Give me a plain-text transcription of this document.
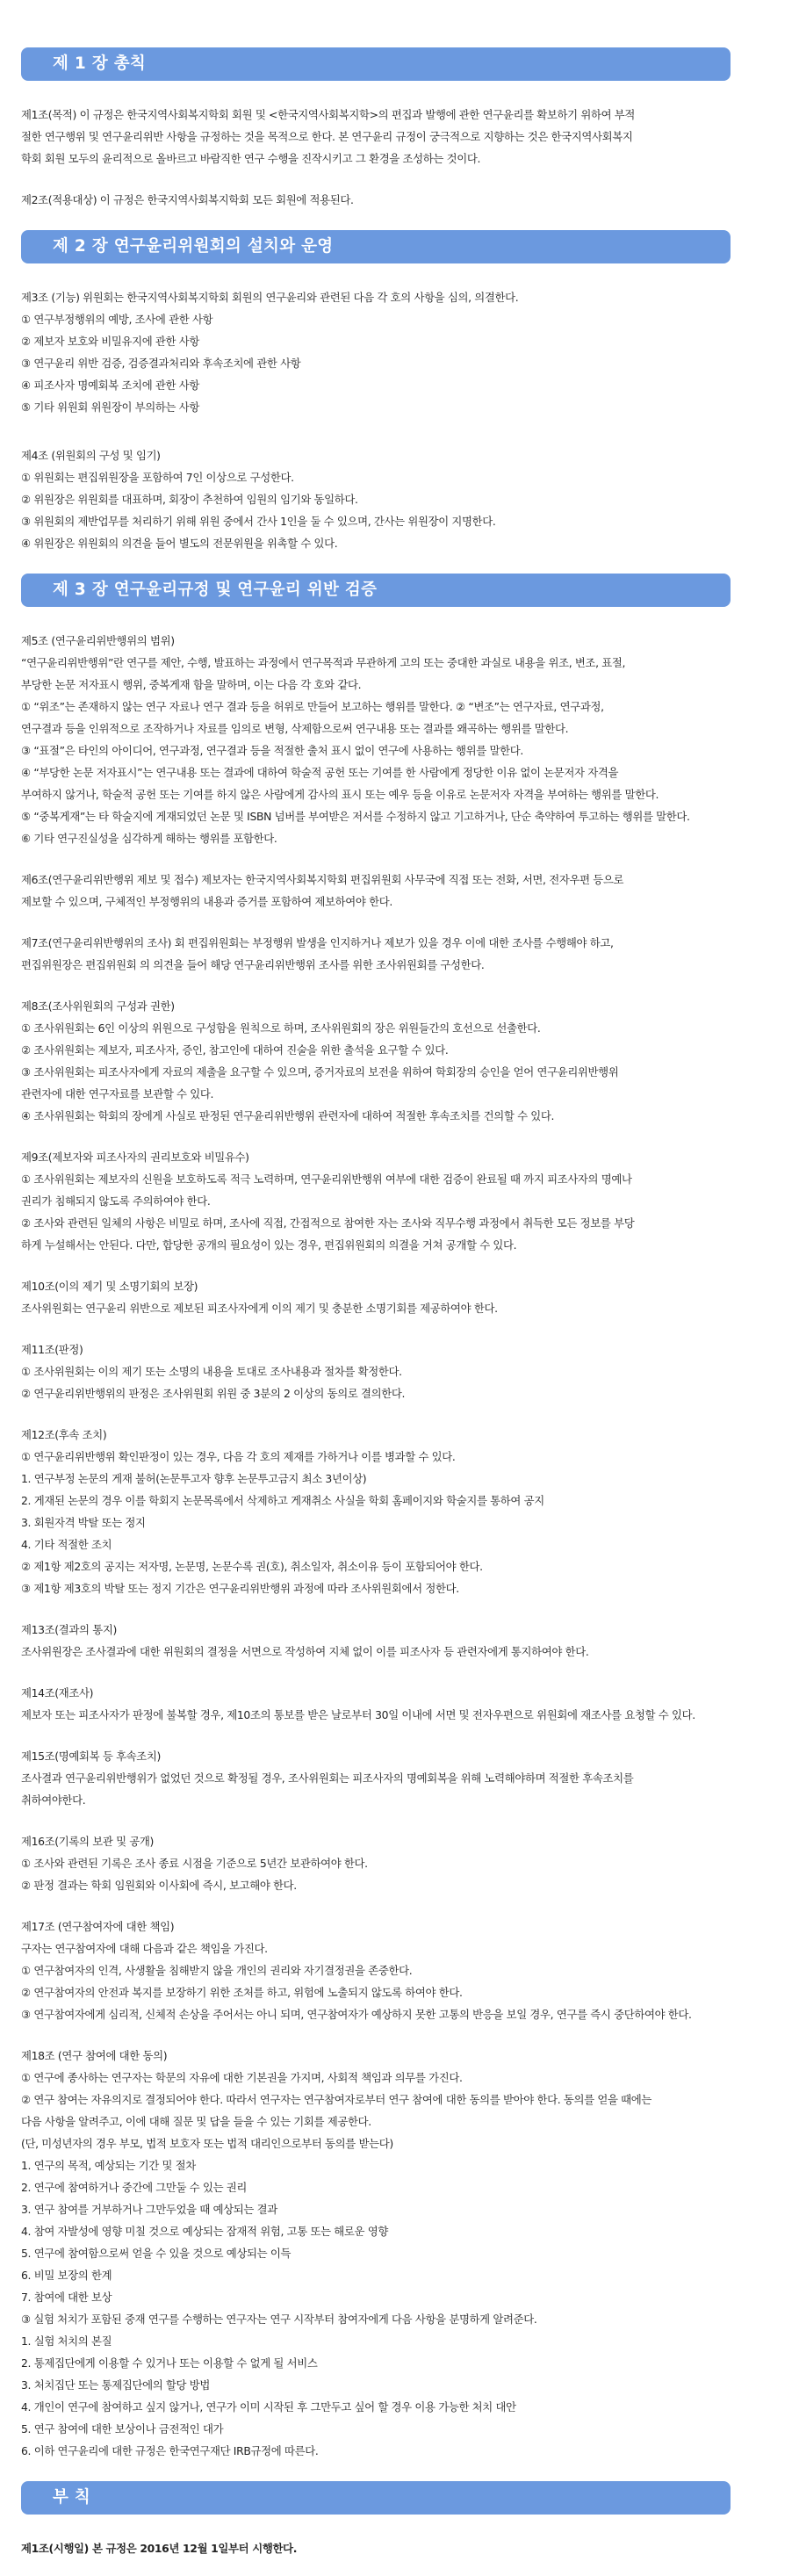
제 1 장 총칙
제1조(목적) 이 규정은 한국지역사회복지학회 회원 및 <한국지역사회복지학>의 편집과 발행에 관한 연구윤리를 확보하기 위하여 부적
절한 연구행위 및 연구윤리위반 사항을 규정하는 것을 목적으로 한다. 본 연구윤리 규정이 궁극적으로 지향하는 것은 한국지역사회복지
학회 회원 모두의 윤리적으로 올바르고 바람직한 연구 수행을 진작시키고 그 환경을 조성하는 것이다.
제2조(적용대상) 이 규정은 한국지역사회복지학회 모든 회원에 적용된다.
제 2 장 연구윤리위원회의 설치와 운영
제3조 (기능) 위원회는 한국지역사회복지학회 회원의 연구윤리와 관련된 다음 각 호의 사항을 심의, 의결한다.
① 연구부정행위의 예방, 조사에 관한 사항
② 제보자 보호와 비밀유지에 관한 사항
③ 연구윤리 위반 검증, 검증결과처리와 후속조치에 관한 사항
④ 피조사자 명예회복 조치에 관한 사항
⑤ 기타 위원회 위원장이 부의하는 사항
제4조 (위원회의 구성 및 임기)
① 위원회는 편집위원장을 포함하여 7인 이상으로 구성한다.
② 위원장은 위원회를 대표하며, 회장이 추천하여 임원의 임기와 동일하다.
③ 위원회의 제반업무를 처리하기 위해 위원 중에서 간사 1인을 둘 수 있으며, 간사는 위원장이 지명한다.
④ 위원장은 위원회의 의견을 들어 별도의 전문위원을 위촉할 수 있다.
제 3 장 연구윤리규정 및 연구윤리 위반 검증
제5조 (연구윤리위반행위의 범위)
“연구윤리위반행위”란 연구를 제안, 수행, 발표하는 과정에서 연구목적과 무관하게 고의 또는 중대한 과실로 내용을 위조, 변조, 표절,
부당한 논문 저자표시 행위, 중복게재 함을 말하며, 이는 다음 각 호와 같다.
① “위조”는 존재하지 않는 연구 자료나 연구 결과 등을 허위로 만들어 보고하는 행위를 말한다. ② “변조”는 연구자료, 연구과정,
연구결과 등을 인위적으로 조작하거나 자료를 임의로 변형, 삭제함으로써 연구내용 또는 결과를 왜곡하는 행위를 말한다.
③ “표절”은 타인의 아이디어, 연구과정, 연구결과 등을 적절한 출처 표시 없이 연구에 사용하는 행위를 말한다.
④ “부당한 논문 저자표시”는 연구내용 또는 결과에 대하여 학술적 공헌 또는 기여를 한 사람에게 정당한 이유 없이 논문저자 자격을
부여하지 않거나, 학술적 공헌 또는 기여를 하지 않은 사람에게 감사의 표시 또는 예우 등을 이유로 논문저자 자격을 부여하는 행위를 말한다.
⑤ “중복게재”는 타 학술지에 게재되었던 논문 및 ISBN 넘버를 부여받은 저서를 수정하지 않고 기고하거나, 단순 축약하여 투고하는 행위를 말한다.
⑥ 기타 연구진실성을 심각하게 해하는 행위를 포함한다.
제6조(연구윤리위반행위 제보 및 접수) 제보자는 한국지역사회복지학회 편집위원회 사무국에 직접 또는 전화, 서면, 전자우편 등으로
제보할 수 있으며, 구체적인 부정행위의 내용과 증거를 포함하여 제보하여야 한다.
제7조(연구윤리위반행위의 조사) 회 편집위원회는 부정행위 발생을 인지하거나 제보가 있을 경우 이에 대한 조사를 수행해야 하고,
편집위원장은 편집위원회 의 의견을 들어 해당 연구윤리위반행위 조사를 위한 조사위원회를 구성한다.
제8조(조사위원회의 구성과 권한)
① 조사위원회는 6인 이상의 위원으로 구성함을 원칙으로 하며, 조사위원회의 장은 위원들간의 호선으로 선출한다.
② 조사위원회는 제보자, 피조사자, 증인, 참고인에 대하여 진술을 위한 출석을 요구할 수 있다.
③ 조사위원회는 피조사자에게 자료의 제출을 요구할 수 있으며, 증거자료의 보전을 위하여 학회장의 승인을 얻어 연구윤리위반행위
관련자에 대한 연구자료를 보관할 수 있다.
④ 조사위원회는 학회의 장에게 사실로 판정된 연구윤리위반행위 관련자에 대하여 적절한 후속조치를 건의할 수 있다.
제9조(제보자와 피조사자의 권리보호와 비밀유수)
① 조사위원회는 제보자의 신원을 보호하도록 적극 노력하며, 연구윤리위반행위 여부에 대한 검증이 완료될 때 까지 피조사자의 명예나
권리가 침해되지 않도록 주의하여야 한다.
② 조사와 관련된 일체의 사항은 비밀로 하며, 조사에 직접, 간접적으로 참여한 자는 조사와 직무수행 과정에서 취득한 모든 정보를 부당
하게 누설해서는 안된다. 다만, 합당한 공개의 필요성이 있는 경우, 편집위원회의 의결을 거쳐 공개할 수 있다.
제10조(이의 제기 및 소명기회의 보장)
조사위원회는 연구윤리 위반으로 제보된 피조사자에게 이의 제기 및 충분한 소명기회를 제공하여야 한다.
제11조(판정)
① 조사위원회는 이의 제기 또는 소명의 내용을 토대로 조사내용과 절차를 확정한다.
② 연구윤리위반행위의 판정은 조사위원회 위원 중 3분의 2 이상의 동의로 결의한다.
제12조(후속 조치)
① 연구윤리위반행위 확인판정이 있는 경우, 다음 각 호의 제재를 가하거나 이를 병과할 수 있다.
1. 연구부정 논문의 게재 불허(논문투고자 향후 논문투고금지 최소 3년이상)
2. 게재된 논문의 경우 이를 학회지 논문목록에서 삭제하고 게재취소 사실을 학회 홈페이지와 학술지를 통하여 공지
3. 회원자격 박탈 또는 정지
4. 기타 적절한 조치
② 제1항 제2호의 공지는 저자명, 논문명, 논문수록 권(호), 취소일자, 취소이유 등이 포함되어야 한다.
③ 제1항 제3호의 박탈 또는 정지 기간은 연구윤리위반행위 과정에 따라 조사위원회에서 정한다.
제13조(결과의 통지)
조사위원장은 조사결과에 대한 위원회의 결정을 서면으로 작성하여 지체 없이 이를 피조사자 등 관련자에게 통지하여야 한다.
제14조(재조사)
제보자 또는 피조사자가 판정에 불복할 경우, 제10조의 통보를 받은 날로부터 30일 이내에 서면 및 전자우편으로 위원회에 재조사를 요청할 수 있다.
제15조(명예회복 등 후속조치)
조사결과 연구윤리위반행위가 없었던 것으로 확정될 경우, 조사위원회는 피조사자의 명예회복을 위해 노력해야하며 적절한 후속조치를
취하여야한다.
제16조(기록의 보관 및 공개)
① 조사와 관련된 기록은 조사 종료 시점을 기준으로 5년간 보관하여야 한다.
② 판정 결과는 학회 임원회와 이사회에 즉시, 보고해야 한다.
제17조 (연구참여자에 대한 책임)
구자는 연구참여자에 대해 다음과 같은 책임을 가진다.
① 연구참여자의 인격, 사생활을 침해받지 않을 개인의 권리와 자기결정권을 존중한다.
② 연구참여자의 안전과 복지를 보장하기 위한 조처를 하고, 위험에 노출되지 않도록 하여야 한다.
③ 연구참여자에게 심리적, 신체적 손상을 주어서는 아니 되며, 연구참여자가 예상하지 못한 고통의 반응을 보일 경우, 연구를 즉시 중단하여야 한다.
제18조 (연구 참여에 대한 동의)
① 연구에 종사하는 연구자는 학문의 자유에 대한 기본권을 가지며, 사회적 책임과 의무를 가진다.
② 연구 참여는 자유의지로 결정되어야 한다. 따라서 연구자는 연구참여자로부터 연구 참여에 대한 동의를 받아야 한다. 동의를 얻을 때에는
다음 사항을 알려주고, 이에 대해 질문 및 답을 들을 수 있는 기회를 제공한다.
(단, 미성년자의 경우 부모, 법적 보호자 또는 법적 대리인으로부터 동의를 받는다)
1. 연구의 목적, 예상되는 기간 및 절차
2. 연구에 참여하거나 중간에 그만둘 수 있는 권리
3. 연구 참여를 거부하거나 그만두었을 때 예상되는 결과
4. 참여 자발성에 영향 미칠 것으로 예상되는 잠재적 위험, 고통 또는 해로운 영향
5. 연구에 참여함으로써 얻을 수 있을 것으로 예상되는 이득
6. 비밀 보장의 한계
7. 참여에 대한 보상
③ 실험 처치가 포함된 중재 연구를 수행하는 연구자는 연구 시작부터 참여자에게 다음 사항을 분명하게 알려준다.
1. 실험 처치의 본질
2. 통제집단에게 이용할 수 있거나 또는 이용할 수 없게 될 서비스
3. 처치집단 또는 통제집단에의 할당 방법
4. 개인이 연구에 참여하고 싶지 않거나, 연구가 이미 시작된 후 그만두고 싶어 할 경우 이용 가능한 처치 대안
5. 연구 참여에 대한 보상이나 금전적인 대가
6. 이하 연구윤리에 대한 규정은 한국연구재단 IRB규정에 따른다.
부 칙
제1조(시행일) 본 규정은 2016년 12월 1일부터 시행한다.
